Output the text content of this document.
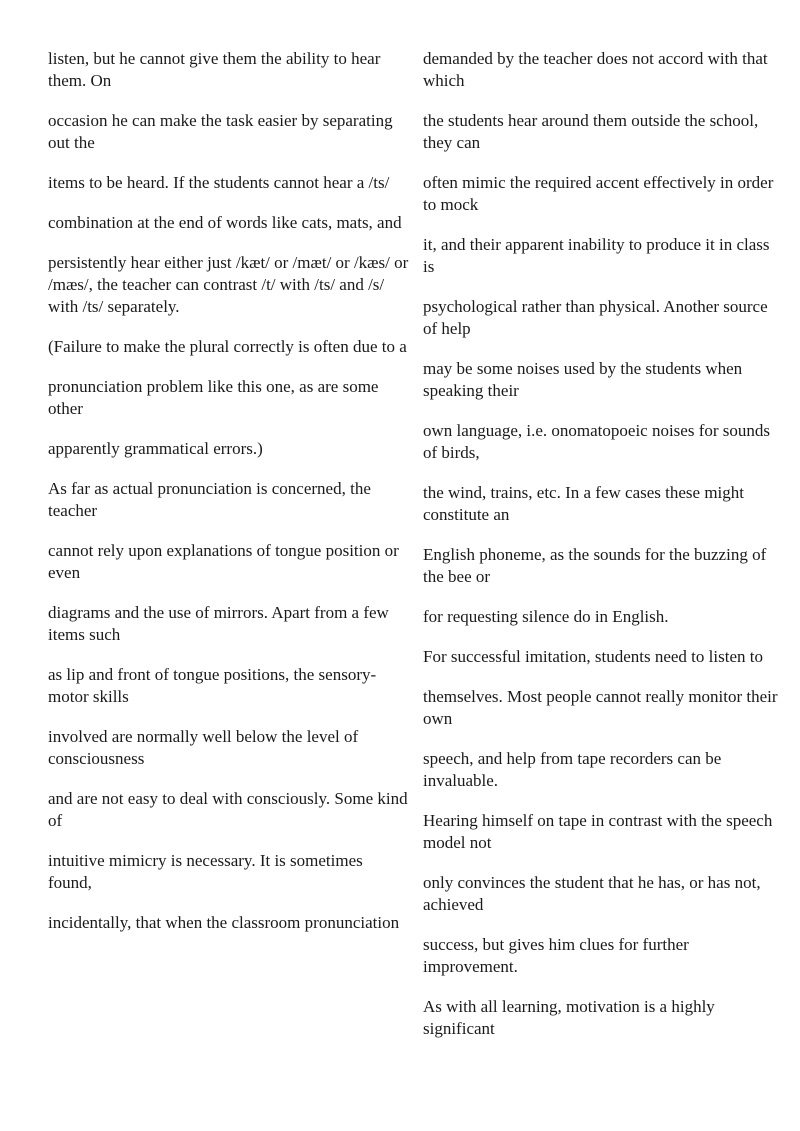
listen, but he cannot give them the ability to hear them. On

occasion he can make the task easier by separating out the

items to be heard. If the students cannot hear a /ts/

combination at the end of words like cats, mats, and

persistently hear either just /kæt/ or /mæt/ or /kæs/ or /mæs/, the teacher can contrast /t/ with /ts/ and /s/ with /ts/ separately.

(Failure to make the plural correctly is often due to a

pronunciation problem like this one, as are some other

apparently grammatical errors.)

As far as actual pronunciation is concerned, the teacher

cannot rely upon explanations of tongue position or even

diagrams and the use of mirrors. Apart from a few items such

as lip and front of tongue positions, the sensory-motor skills

involved are normally well below the level of consciousness

and are not easy to deal with consciously. Some kind of

intuitive mimicry is necessary. It is sometimes found,

incidentally, that when the classroom pronunciation

demanded by the teacher does not accord with that which

the students hear around them outside the school, they can

often mimic the required accent effectively in order to mock

it, and their apparent inability to produce it in class is

psychological rather than physical. Another source of help

may be some noises used by the students when speaking their

own language, i.e. onomatopoeic noises for sounds of birds,

the wind, trains, etc. In a few cases these might constitute an

English phoneme, as the sounds for the buzzing of the bee or

for requesting silence do in English.

For successful imitation, students need to listen to

themselves. Most people cannot really monitor their own

speech, and help from tape recorders can be invaluable.

Hearing himself on tape in contrast with the speech model not

only convinces the student that he has, or has not, achieved

success, but gives him clues for further improvement.

As with all learning, motivation is a highly significant
